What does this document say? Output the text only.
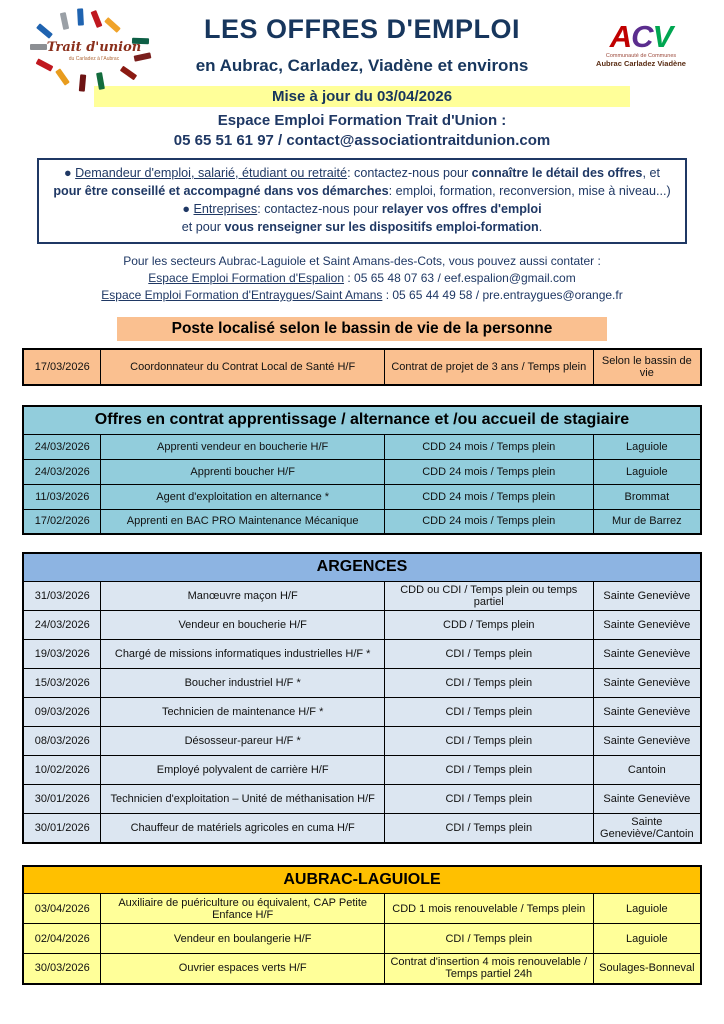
Trait d'union
du Carladez à l'Aubrac
ACV
Communauté de Communes
Aubrac Carladez Viadène
LES OFFRES D'EMPLOI
en Aubrac, Carladez, Viadène et environs
Mise à jour du 03/04/2026
Espace Emploi Formation Trait d'Union :
05 65 51 61 97 / contact@associationtraitdunion.com
● Demandeur d'emploi, salarié, étudiant ou retraité: contactez-nous pour connaître le détail des offres, et pour être conseillé et accompagné dans vos démarches: emploi, formation, reconversion, mise à niveau...)
● Entreprises: contactez-nous pour relayer vos offres d'emploi
et pour vous renseigner sur les dispositifs emploi-formation.
Pour les secteurs Aubrac-Laguiole et Saint Amans-des-Cots, vous pouvez aussi contater :
Espace Emploi Formation d'Espalion : 05 65 48 07 63 / eef.espalion@gmail.com
Espace Emploi Formation d'Entraygues/Saint Amans : 05 65 44 49 58 / pre.entraygues@orange.fr
Poste localisé selon le bassin de vie de la personne
17/03/2026	Coordonnateur du Contrat Local de Santé H/F	Contrat de projet de 3 ans / Temps plein	Selon le bassin de vie
Offres en contrat apprentissage / alternance et /ou accueil de stagiaire			
24/03/2026	Apprenti vendeur en boucherie H/F	CDD 24 mois / Temps plein	Laguiole
24/03/2026	Apprenti boucher H/F	CDD 24 mois / Temps plein	Laguiole
11/03/2026	Agent d'exploitation en alternance *	CDD 24 mois / Temps plein	Brommat
17/02/2026	Apprenti en BAC PRO Maintenance Mécanique	CDD 24 mois / Temps plein	Mur de Barrez
ARGENCES			
31/03/2026	Manœuvre maçon H/F	CDD ou CDI / Temps plein ou temps partiel	Sainte Geneviève
24/03/2026	Vendeur en boucherie H/F	CDD / Temps plein	Sainte Geneviève
19/03/2026	Chargé de missions informatiques industrielles H/F *	CDI / Temps plein	Sainte Geneviève
15/03/2026	Boucher industriel H/F *	CDI / Temps plein	Sainte Geneviève
09/03/2026	Technicien de maintenance H/F *	CDI / Temps plein	Sainte Geneviève
08/03/2026	Désosseur-pareur H/F *	CDI / Temps plein	Sainte Geneviève
10/02/2026	Employé polyvalent de carrière H/F	CDI / Temps plein	Cantoin
30/01/2026	Technicien d'exploitation – Unité de méthanisation H/F	CDI / Temps plein	Sainte Geneviève
30/01/2026	Chauffeur de matériels agricoles en cuma H/F	CDI / Temps plein	Sainte Geneviève/Cantoin
AUBRAC-LAGUIOLE			
03/04/2026	Auxiliaire de puériculture ou équivalent, CAP Petite Enfance H/F	CDD 1 mois renouvelable / Temps plein	Laguiole
02/04/2026	Vendeur en boulangerie H/F	CDI / Temps plein	Laguiole
30/03/2026	Ouvrier espaces verts H/F	Contrat d'insertion 4 mois renouvelable / Temps partiel 24h	Soulages-Bonneval
